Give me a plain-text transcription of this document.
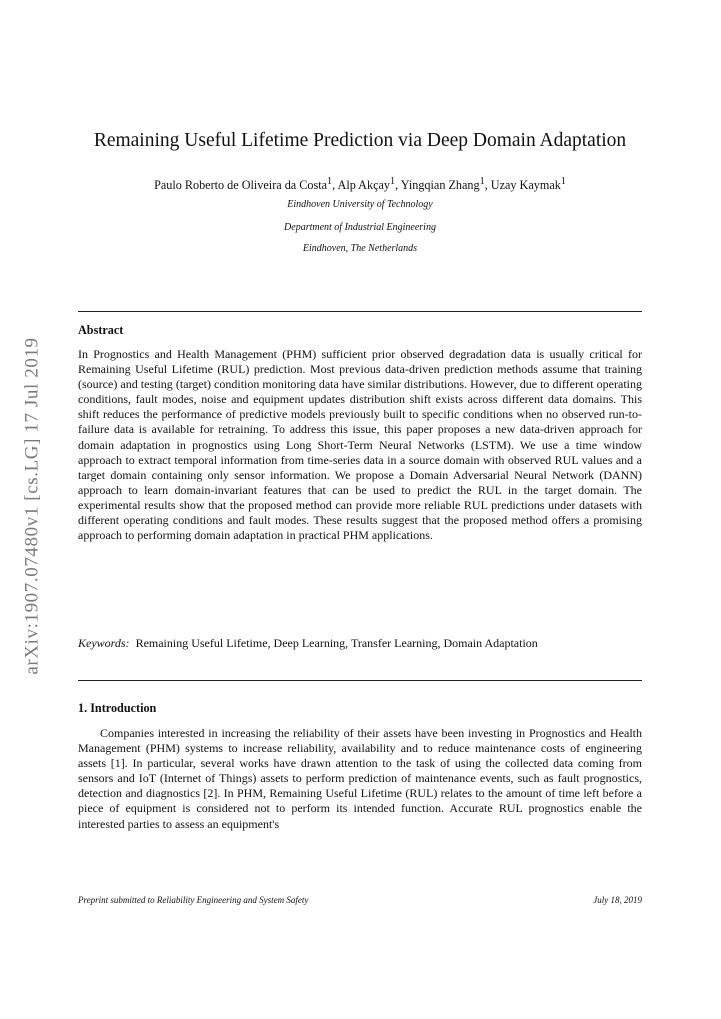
arXiv:1907.07480v1 [cs.LG] 17 Jul 2019
Remaining Useful Lifetime Prediction via Deep Domain Adaptation
Paulo Roberto de Oliveira da Costa$^1$, Alp Akçay$^1$, Yingqian Zhang$^1$, Uzay Kaymak$^1$
Eindhoven University of Technology
Department of Industrial Engineering
Eindhoven, The Netherlands
Abstract
In Prognostics and Health Management (PHM) sufficient prior observed degradation data is usually critical for Remaining Useful Lifetime (RUL) prediction. Most previous data-driven prediction methods assume that training (source) and testing (target) condition monitoring data have similar distributions. However, due to different operating conditions, fault modes, noise and equipment updates distribution shift exists across different data domains. This shift reduces the performance of predictive models previously built to specific conditions when no observed run-to-failure data is available for retraining. To address this issue, this paper proposes a new data-driven approach for domain adaptation in prognostics using Long Short-Term Neural Networks (LSTM). We use a time window approach to extract temporal information from time-series data in a source domain with observed RUL values and a target domain containing only sensor information. We propose a Domain Adversarial Neural Network (DANN) approach to learn domain-invariant features that can be used to predict the RUL in the target domain. The experimental results show that the proposed method can provide more reliable RUL predictions under datasets with different operating conditions and fault modes. These results suggest that the proposed method offers a promising approach to performing domain adaptation in practical PHM applications.
Keywords: Remaining Useful Lifetime, Deep Learning, Transfer Learning, Domain Adaptation
1. Introduction
Companies interested in increasing the reliability of their assets have been investing in Prognostics and Health Management (PHM) systems to increase reliability, availability and to reduce maintenance costs of engineering assets [1]. In particular, several works have drawn attention to the task of using the collected data coming from sensors and IoT (Internet of Things) assets to perform prediction of maintenance events, such as fault prognostics, detection and diagnostics [2]. In PHM, Remaining Useful Lifetime (RUL) relates to the amount of time left before a piece of equipment is considered not to perform its intended function. Accurate RUL prognostics enable the interested parties to assess an equipment's
Preprint submitted to Reliability Engineering and System Safety	July 18, 2019
